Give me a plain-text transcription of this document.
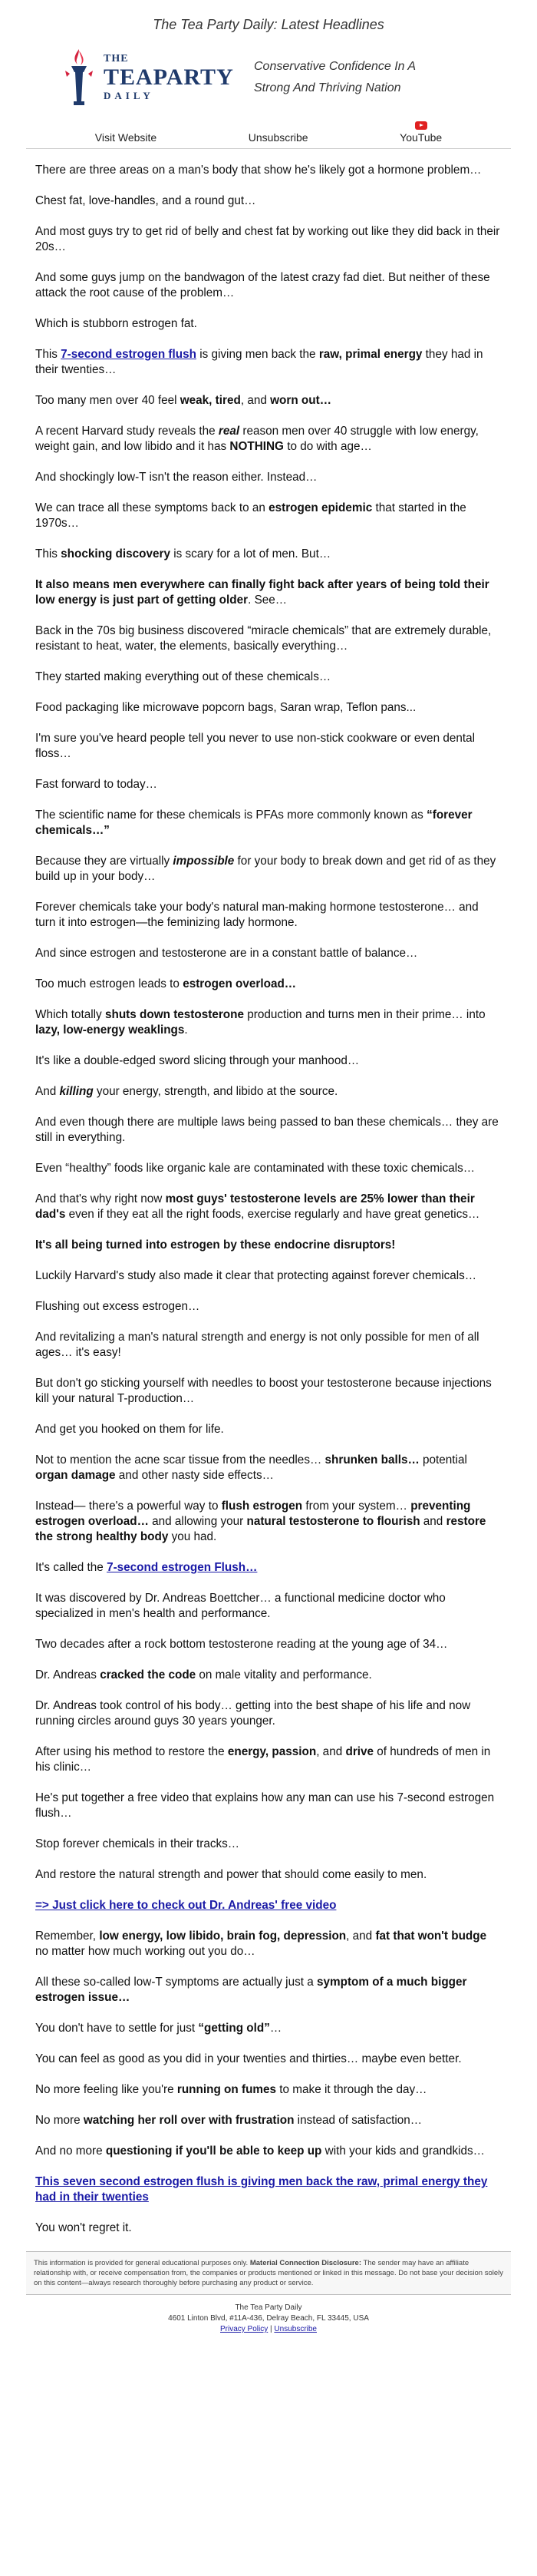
The Tea Party Daily: Latest Headlines
THE
TEAPARTY
DAILY
Conservative Confidence In A
Strong And Thriving Nation
Visit Website	Unsubscribe	YouTube

There are three areas on a man's body that show he's likely got a hormone problem…

Chest fat, love-handles, and a round gut…

And most guys try to get rid of belly and chest fat by working out like they did back in their 20s…

And some guys jump on the bandwagon of the latest crazy fad diet. But neither of these attack the root cause of the problem…

Which is stubborn estrogen fat.

This 7-second estrogen flush is giving men back the raw, primal energy they had in their twenties…

Too many men over 40 feel weak, tired, and worn out…

A recent Harvard study reveals the real reason men over 40 struggle with low energy, weight gain, and low libido and it has NOTHING to do with age…

And shockingly low-T isn't the reason either. Instead…

We can trace all these symptoms back to an estrogen epidemic that started in the 1970s…

This shocking discovery is scary for a lot of men. But…

It also means men everywhere can finally fight back after years of being told their low energy is just part of getting older. See…

Back in the 70s big business discovered “miracle chemicals” that are extremely durable, resistant to heat, water, the elements, basically everything…

They started making everything out of these chemicals…

Food packaging like microwave popcorn bags, Saran wrap, Teflon pans...

I'm sure you've heard people tell you never to use non-stick cookware or even dental floss…

Fast forward to today…

The scientific name for these chemicals is PFAs more commonly known as “forever chemicals…”

Because they are virtually impossible for your body to break down and get rid of as they build up in your body…

Forever chemicals take your body's natural man-making hormone testosterone… and turn it into estrogen—the feminizing lady hormone.

And since estrogen and testosterone are in a constant battle of balance…

Too much estrogen leads to estrogen overload…

Which totally shuts down testosterone production and turns men in their prime… into lazy, low-energy weaklings.

It's like a double-edged sword slicing through your manhood…

And killing your energy, strength, and libido at the source.

And even though there are multiple laws being passed to ban these chemicals… they are still in everything.

Even “healthy” foods like organic kale are contaminated with these toxic chemicals…

And that's why right now most guys' testosterone levels are 25% lower than their dad's even if they eat all the right foods, exercise regularly and have great genetics…

It's all being turned into estrogen by these endocrine disruptors!

Luckily Harvard's study also made it clear that protecting against forever chemicals…

Flushing out excess estrogen…

And revitalizing a man's natural strength and energy is not only possible for men of all ages… it's easy!

But don't go sticking yourself with needles to boost your testosterone because injections kill your natural T-production…

And get you hooked on them for life.

Not to mention the acne scar tissue from the needles… shrunken balls… potential organ damage and other nasty side effects…

Instead— there's a powerful way to flush estrogen from your system… preventing estrogen overload… and allowing your natural testosterone to flourish and restore the strong healthy body you had.

It's called the 7-second estrogen Flush…

It was discovered by Dr. Andreas Boettcher… a functional medicine doctor who specialized in men's health and performance.

Two decades after a rock bottom testosterone reading at the young age of 34…

Dr. Andreas cracked the code on male vitality and performance.

Dr. Andreas took control of his body… getting into the best shape of his life and now running circles around guys 30 years younger.

After using his method to restore the energy, passion, and drive of hundreds of men in his clinic…

He's put together a free video that explains how any man can use his 7-second estrogen flush…

Stop forever chemicals in their tracks…

And restore the natural strength and power that should come easily to men.

=> Just click here to check out Dr. Andreas' free video

Remember, low energy, low libido, brain fog, depression, and fat that won't budge no matter how much working out you do…

All these so-called low-T symptoms are actually just a symptom of a much bigger estrogen issue…

You don't have to settle for just “getting old”…

You can feel as good as you did in your twenties and thirties… maybe even better.

No more feeling like you're running on fumes to make it through the day…

No more watching her roll over with frustration instead of satisfaction…

And no more questioning if you'll be able to keep up with your kids and grandkids…

This seven second estrogen flush is giving men back the raw, primal energy they had in their twenties

You won't regret it.

This information is provided for general educational purposes only. Material Connection Disclosure: The sender may have an affiliate relationship with, or receive compensation from, the companies or products mentioned or linked in this message. Do not base your decision solely on this content—always research thoroughly before purchasing any product or service.
The Tea Party Daily
4601 Linton Blvd, #11A-436, Delray Beach, FL 33445, USA
Privacy Policy | Unsubscribe
